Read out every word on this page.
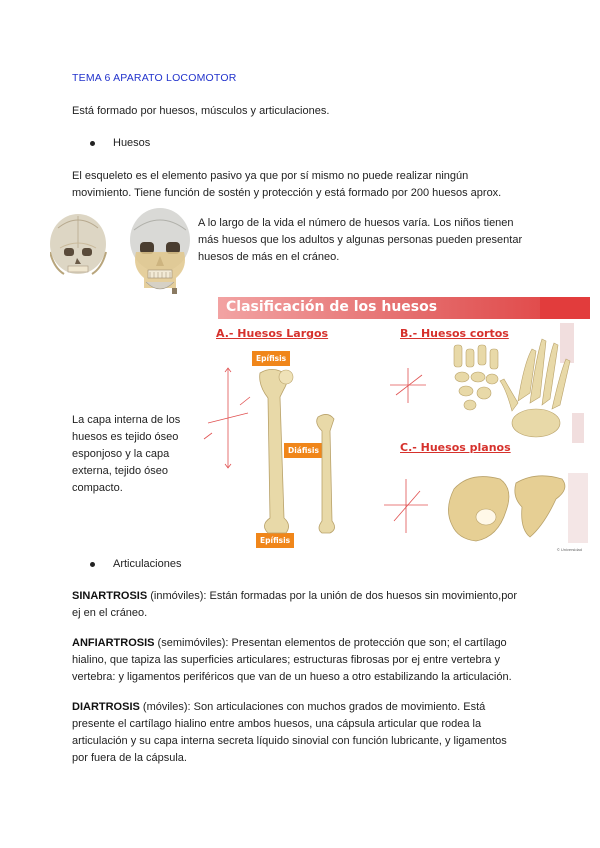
TEMA 6 APARATO LOCOMOTOR
Está formado por huesos, músculos y articulaciones.
Huesos
El esqueleto es el elemento pasivo ya que por sí mismo no puede realizar ningún
movimiento. Tiene función de sostén y protección y está formado por 200 huesos aprox.
A lo largo de la vida el número de huesos varía. Los niños tienen
más huesos que los adultos y algunas personas pueden presentar
huesos de más en el cráneo.
La capa interna de los
huesos es tejido óseo
esponjoso y la capa
externa, tejido óseo
compacto.
Clasificación de los huesos
A.- Huesos Largos	B.- Huesos cortos
C.- Huesos planos
Epífisis
Diáfisis
Epífisis
© Universidad
Articulaciones
SINARTROSIS (inmóviles): Están formadas por la unión de dos huesos sin movimiento,por
ej en el cráneo.
ANFIARTROSIS (semimóviles): Presentan elementos de protección que son; el cartílago
hialino, que tapiza las superficies articulares; estructuras fibrosas por ej entre vertebra y
vertebra: y ligamentos periféricos que van de un hueso a otro estabilizando la articulación.
DIARTROSIS (móviles): Son articulaciones con muchos grados de movimiento. Está
presente el cartílago hialino entre ambos huesos, una cápsula articular que rodea la
articulación y su capa interna secreta líquido sinovial con función lubricante, y ligamentos
por fuera de la cápsula.
